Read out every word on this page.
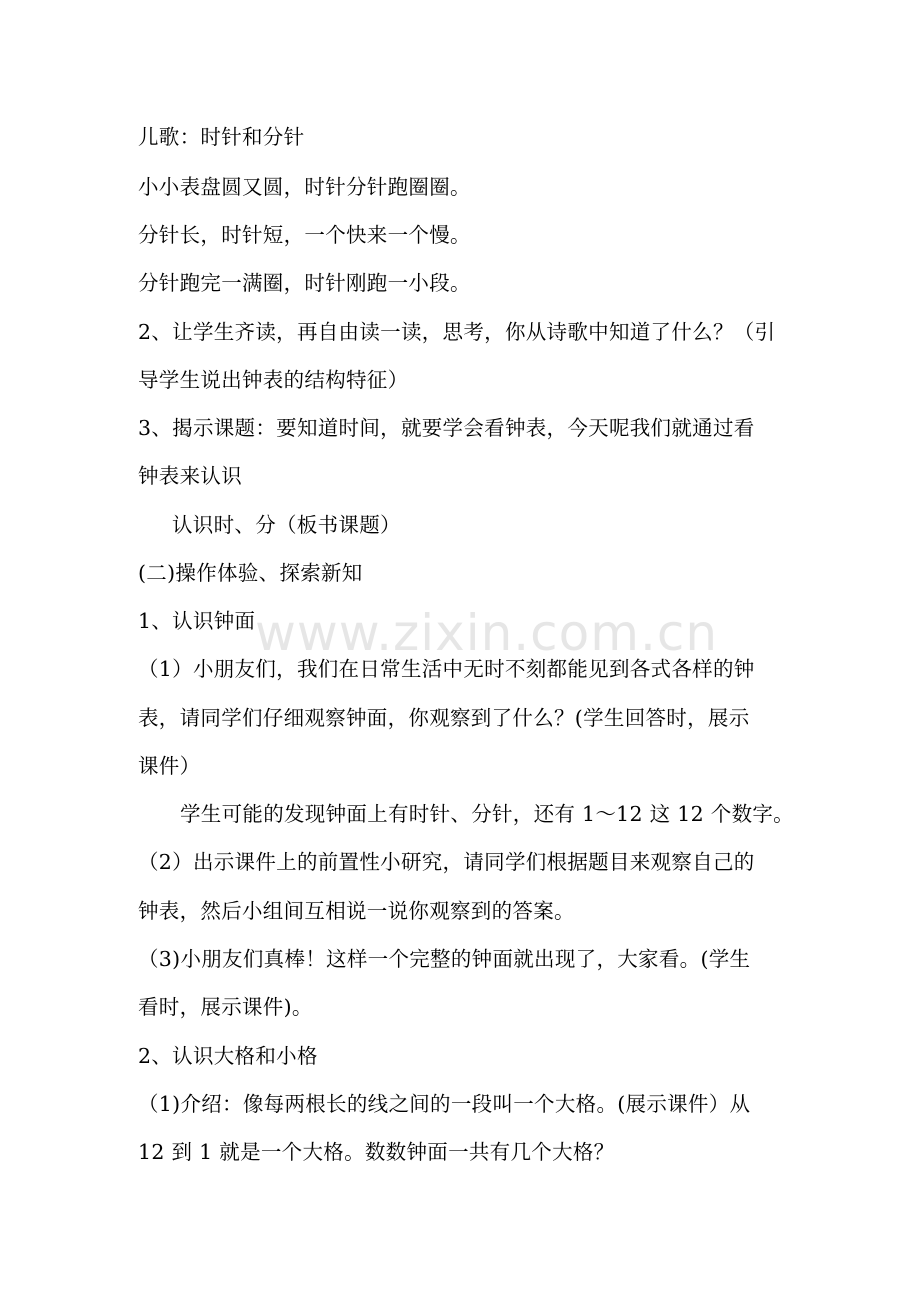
www.zixin.com.cn
儿歌：时针和分针
小小表盘圆又圆，时针分针跑圈圈。
分针长，时针短，一个快来一个慢。
分针跑完一满圈，时针刚跑一小段。
2、让学生齐读，再自由读一读，思考，你从诗歌中知道了什么？（引
导学生说出钟表的结构特征）
3、揭示课题：要知道时间，就要学会看钟表，今天呢我们就通过看
钟表来认识
认识时、分（板书课题）
(二)操作体验、探索新知
1、认识钟面
（1）小朋友们，我们在日常生活中无时不刻都能见到各式各样的钟
表，请同学们仔细观察钟面，你观察到了什么？(学生回答时，展示
课件）
学生可能的发现钟面上有时针、分针，还有 1～12 这 12 个数字。
（2）出示课件上的前置性小研究，请同学们根据题目来观察自己的
钟表，然后小组间互相说一说你观察到的答案。
（3)小朋友们真棒！这样一个完整的钟面就出现了，大家看。(学生
看时，展示课件)。
2、认识大格和小格
（1)介绍：像每两根长的线之间的一段叫一个大格。(展示课件）从
12 到 1 就是一个大格。数数钟面一共有几个大格？
